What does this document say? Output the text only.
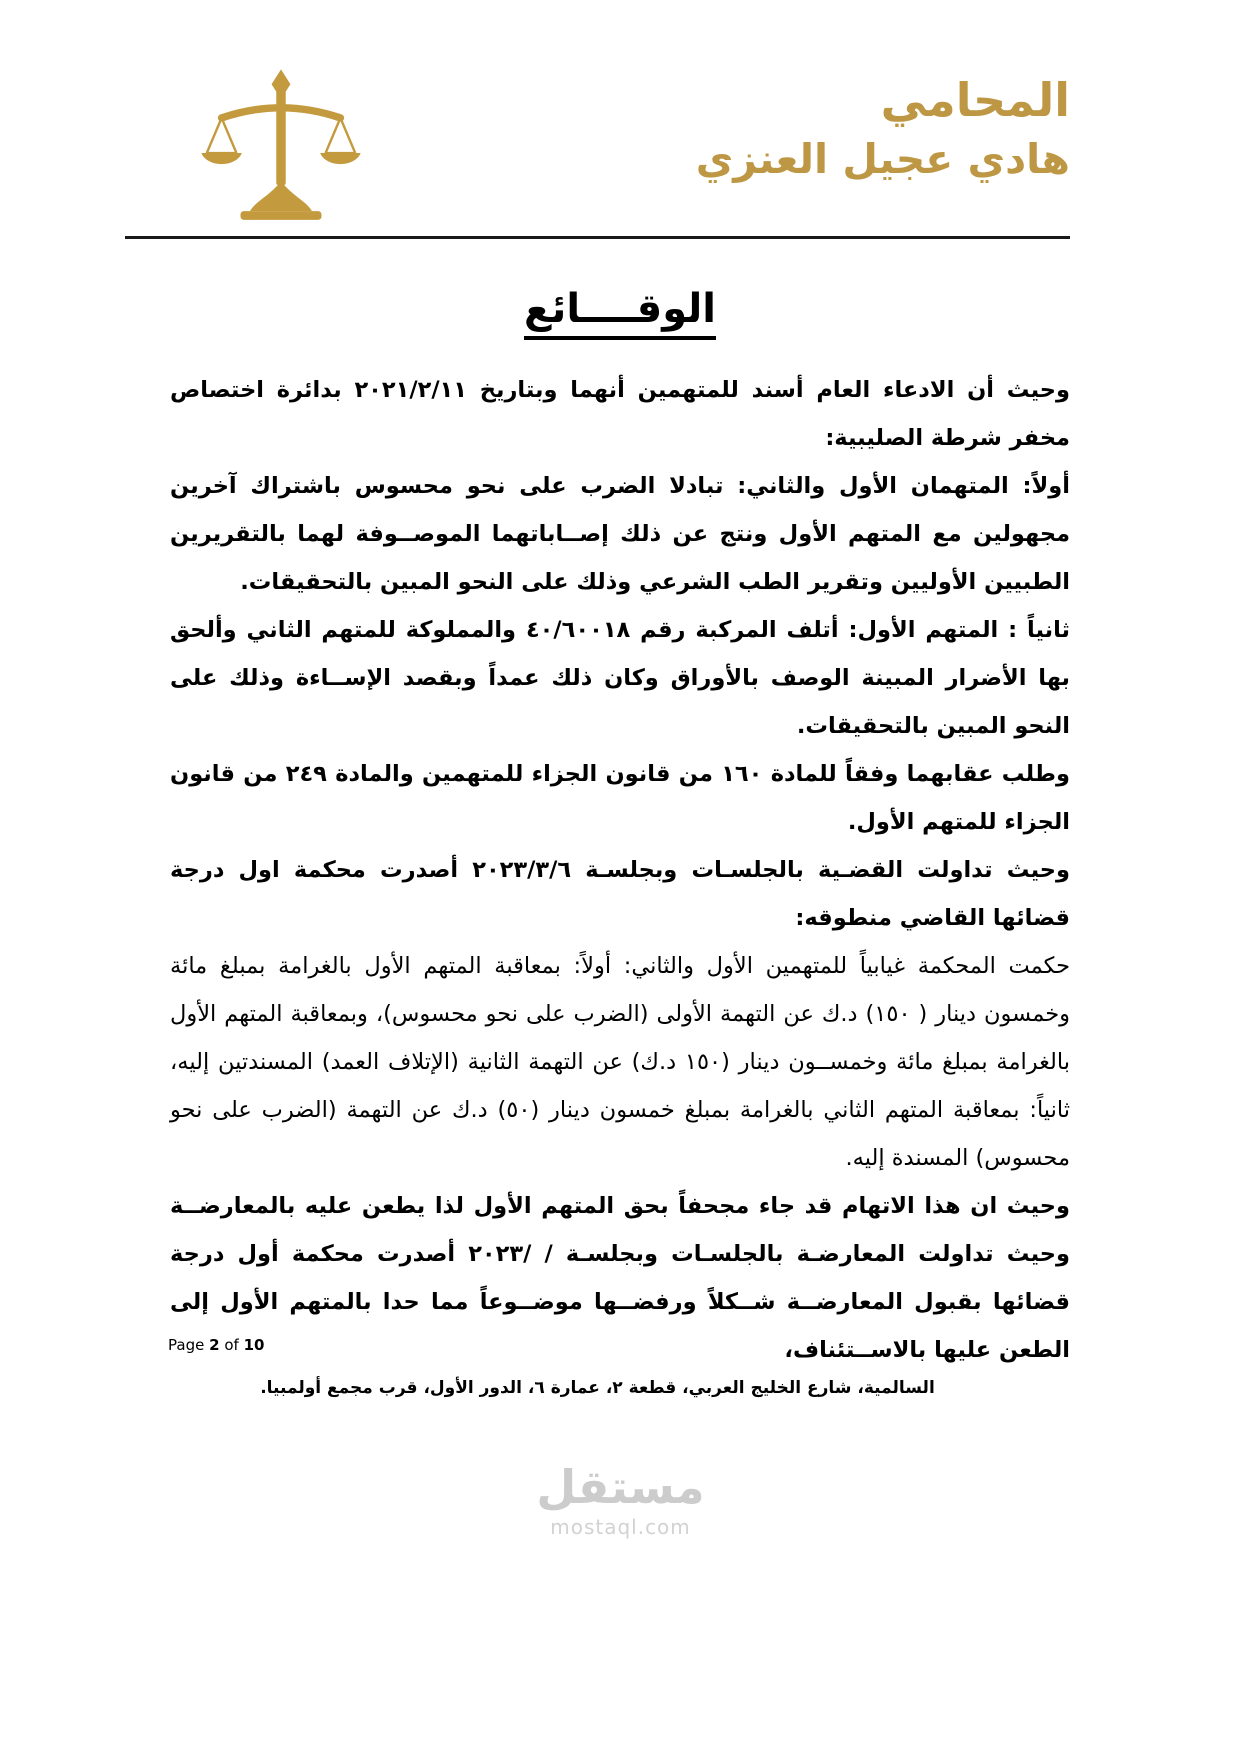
المحامي
هادي عجيل العنزي
الوقــــائع

وحيث أن الادعاء العام أسند للمتهمين أنهما وبتاريخ ٢٠٢١/٢/١١ بدائرة اختصاص مخفر شرطة الصليبية:

أولاً: المتهمان الأول والثاني: تبادلا الضرب على نحو محسوس باشتراك آخرين مجهولين مع المتهم الأول ونتج عن ذلك إصــاباتهما الموصــوفة لهما بالتقريرين الطبيين الأوليين وتقرير الطب الشرعي وذلك على النحو المبين بالتحقيقات.

ثانياً : المتهم الأول: أتلف المركبة رقم ٤٠/٦٠٠١٨ والمملوكة للمتهم الثاني وألحق بها الأضرار المبينة الوصف بالأوراق وكان ذلك عمداً وبقصد الإســاءة وذلك على النحو المبين بالتحقيقات.

وطلب عقابهما وفقاً للمادة ١٦٠ من قانون الجزاء للمتهمين والمادة ٢٤٩ من قانون الجزاء للمتهم الأول.

وحيث تداولت القضـية بالجلسـات وبجلسـة ٢٠٢٣/٣/٦ أصدرت محكمة اول درجة قضائها القاضي منطوقه:

حكمت المحكمة غيابياً للمتهمين الأول والثاني: أولاً: بمعاقبة المتهم الأول بالغرامة بمبلغ مائة وخمسون دينار ( ١٥٠) د.ك عن التهمة الأولى (الضرب على نحو محسوس)، وبمعاقبة المتهم الأول بالغرامة بمبلغ مائة وخمســون دينار (١٥٠ د.ك) عن التهمة الثانية (الإتلاف العمد) المسندتين إليه، ثانياً: بمعاقبة المتهم الثاني بالغرامة بمبلغ خمسون دينار (٥٠) د.ك عن التهمة (الضرب على نحو محسوس) المسندة إليه.

وحيث ان هذا الاتهام قد جاء مجحفاً بحق المتهم الأول لذا يطعن عليه بالمعارضــة وحيث تداولت المعارضـة بالجلسـات وبجلسـة / /٢٠٢٣ أصدرت محكمة أول درجة قضائها بقبول المعارضــة شــكلاً ورفضــها موضــوعاً مما حدا بالمتهم الأول إلى الطعن عليها بالاســتئناف،

Page 2 of 10
السالمية، شارع الخليج العربي، قطعة ٢، عمارة ٦، الدور الأول، قرب مجمع أولمبيا.
مستقل
mostaql.com
